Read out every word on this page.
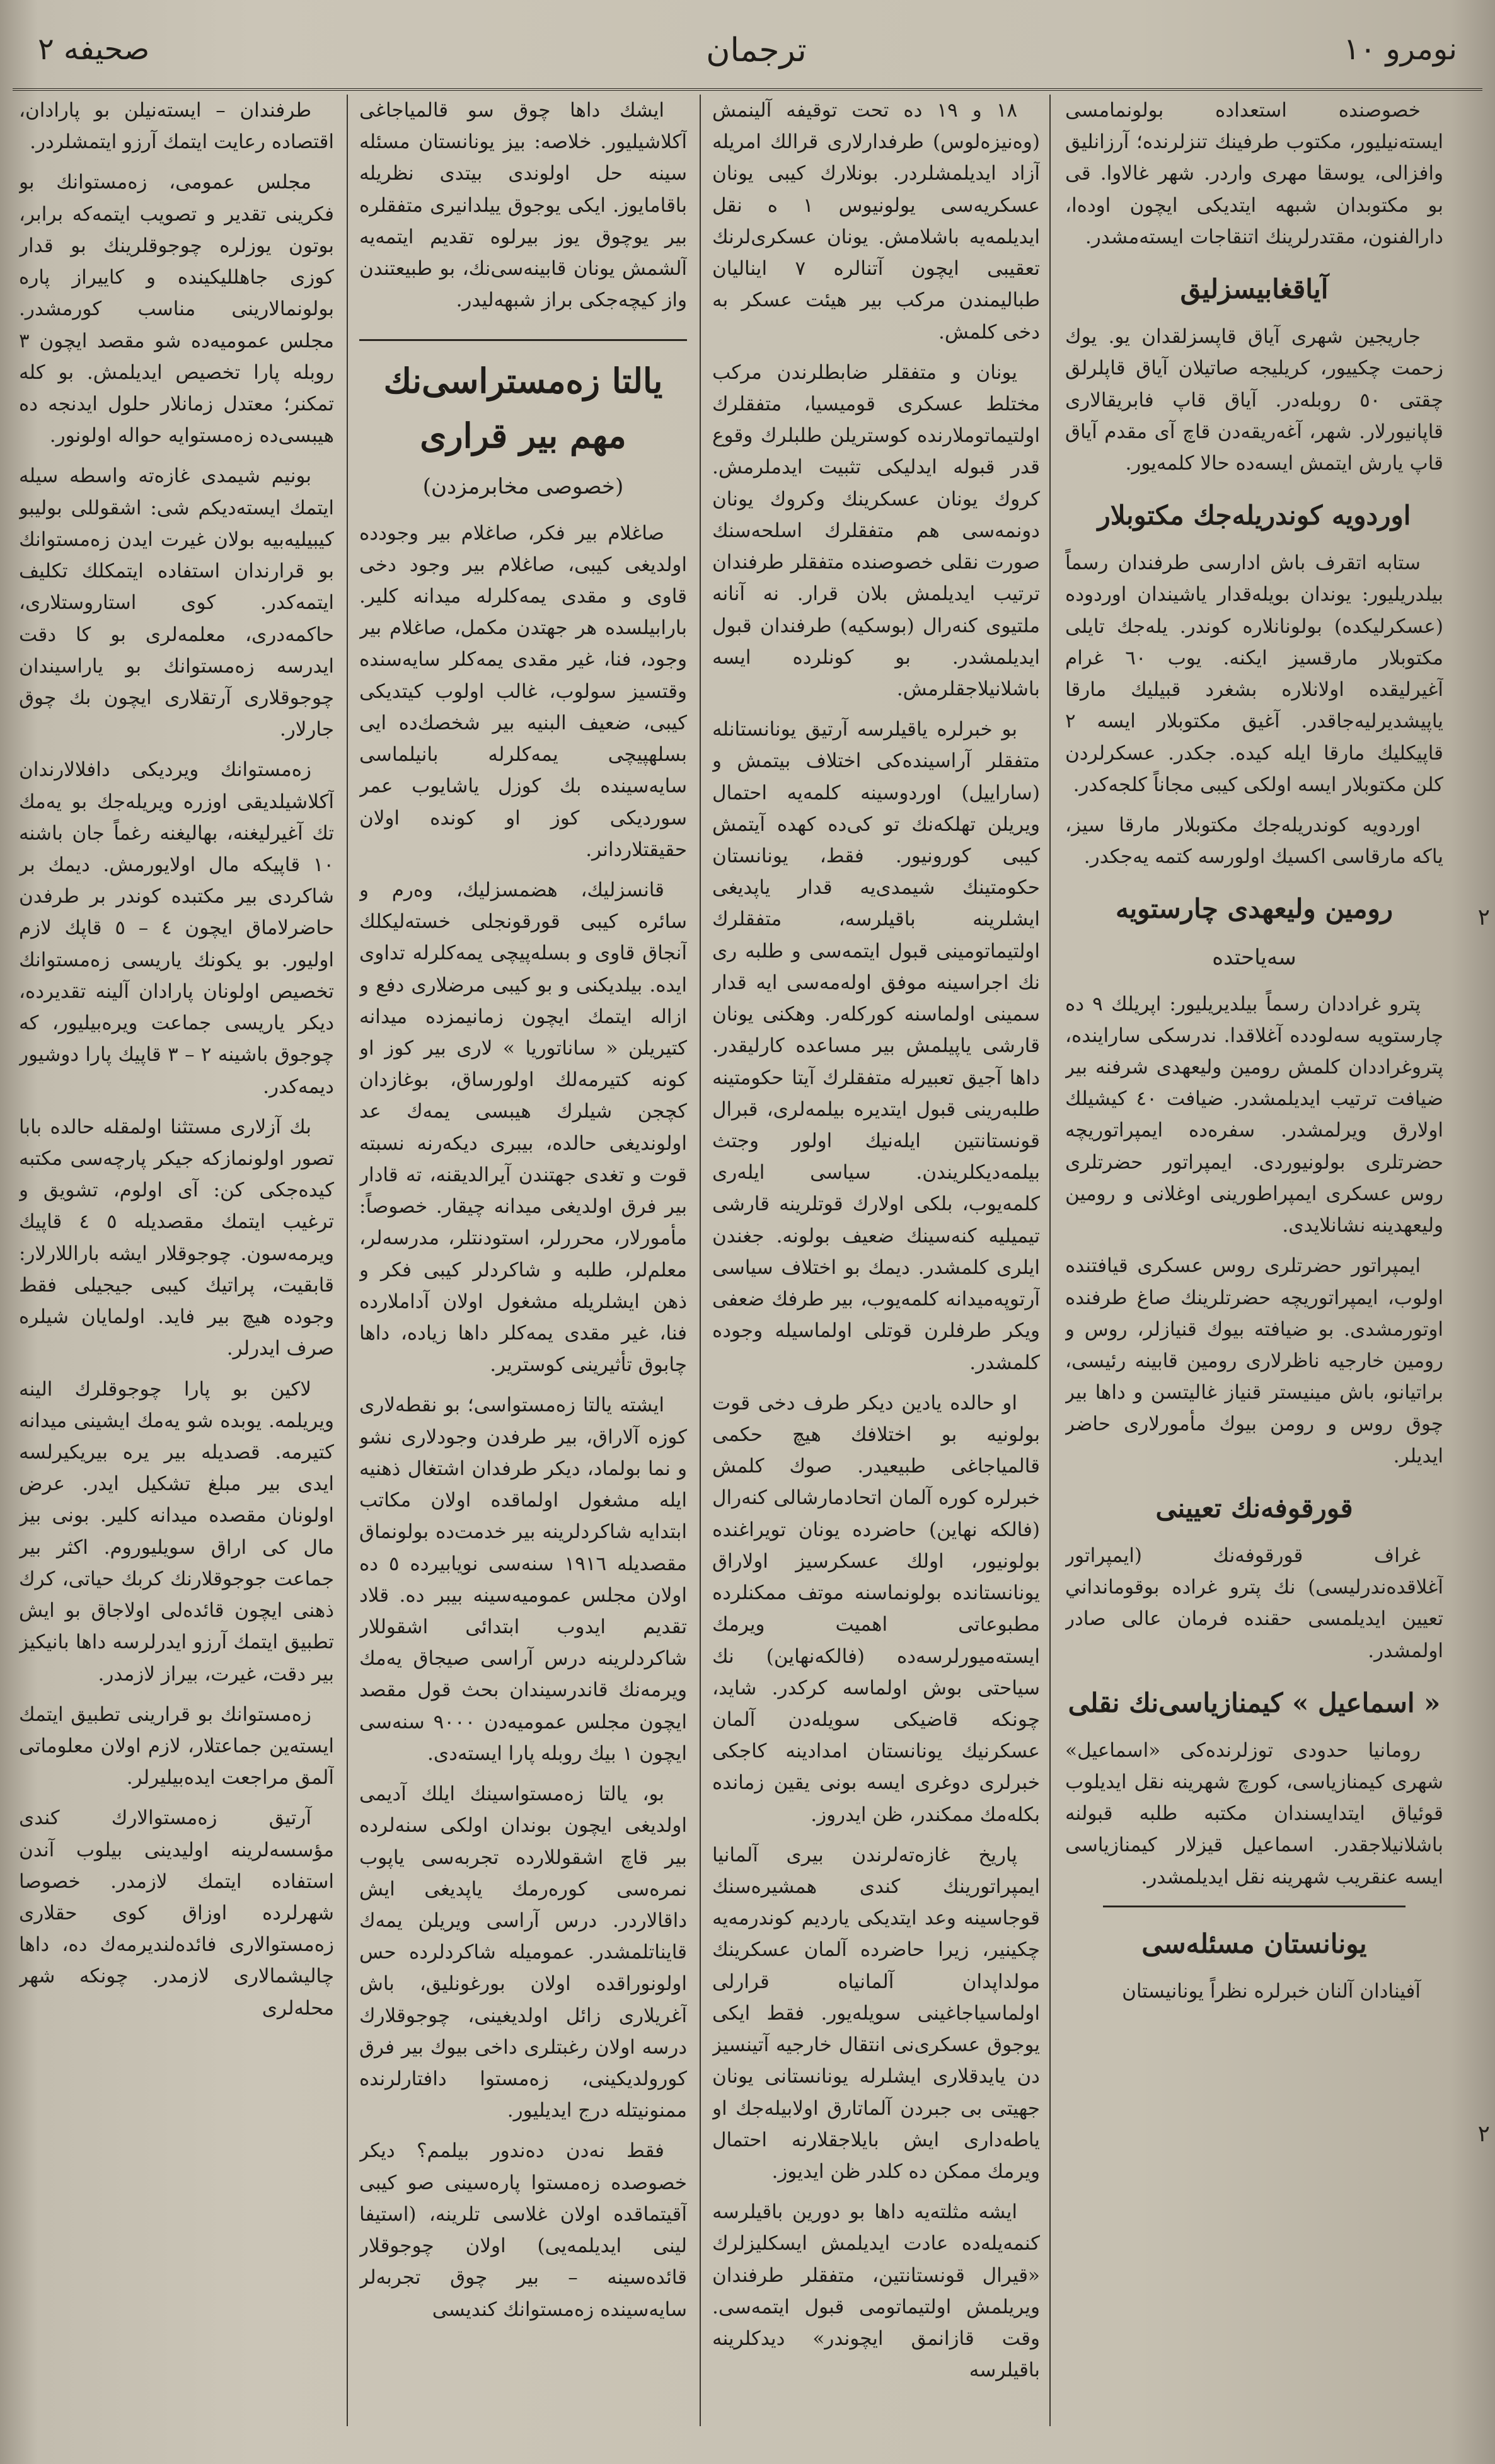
صحيفه ٢	ترجمان	نومرو ١٠

خصوصنده استعداده بولونمامسی ایسته‌نیلیور، مکتوب طرفینك تنزلرنده؛ آرزانلیق وافزالی، یوسقا مهری واردر. شهر غالاوا. قی بو مکتوبدان شبهه ایتدیکی ایچون اوده‌ا، دارالفنون، مقتدرلرینك اتنقاجات ایسته‌مشدر.

آیاقغابیسزلیق

جاریجین شهری آیاق قاپسزلقدان یو. یوك زحمت چکییور، کریلیجه صاتیلان آیاق قاپلرلق چقتی ٥٠ روبله‌در. آیاق قاپ فابریقالاری قاپانیورلار. شهر، آغه‌ریقه‌دن قاچ آی مقدم آیاق قاپ یارش ایتمش ایسه‌ده حالا کلمه‌یور.

اوردویه کوندریله‌جك مكتوبلار

ستابه اتقرف باش ادارسی طرفندان رسماً بیلدریلیور: یوندان بویله‌قدار یاشیندان اوردوده (عسکرلیکده) بولونانلاره کوندر. یله‌جك تایلی مکتوبلار مارقسیز ایکنه. یوب ٦٠ غرام آغیرلیقده اولانلاره بشغرد قبیلیك مارقا یاپیشدیرلیه‌جاقدر. آغیق مکتوبلار ایسه ٢ قاپیکلیك مارقا ایله کیده. جکدر. عسکرلردن کلن مکتوبلار ایسه اولکی کیبی مجاناً کلجه‌کدر.

اوردویه کوندریله‌جك مکتوبلار مارقا سیز، یاکه مارقاسی اکسیك اولورسه کتمه یه‌جکدر.

رومین ولیعهدی چارستویه
سه‌ياحتده

پترو غراددان رسماً بیلدیریلیور: اپریلك ٩ ده چارستویه سه‌لودده آغلاقدا. ندرسکی ساراینده، پتروغراددان کلمش رومین ولیعهدی شرفنه بیر ضیافت ترتیب ایدیلمشدر. ضیافت ٤٠ کیشیلك اولارق ویرلمشدر. سفره‌ده ایمپراتوریچه حضرتلری بولونیوردی. ایمپراتور حضرتلری روس عسکری ایمپراطورینی اوغلانی و رومین ولیعهدینه نشانلایدی.

ایمپراتور حضرتلری روس عسکری قیافتنده اولوب، ایمپراتوریچه حضرتلرینك صاغ طرفنده اوتورمشدی. بو ضیافته بیوك قنیازلر، روس و رومین خارجیه ناظرلاری رومین قابینه رئیسی، براتیانو، باش مینیستر قنیاز غالیتسن و داها بیر چوق روس و رومن بیوك مأمورلاری حاضر ایدیلر.

قورقوفه‌نك تعیینی

غراف قورقوفه‌نك (ایمپراتور آغلاقده‌ندرلیسی) نك پترو غراده بوقومانداني تعيين ايديلمسی حقنده فرمان عالی صادر اولمشدر.

« اسماعیل » کیمنازیاسی‌نك نقلی

رومانیا حدودی توزلرنده‌کی «اسماعیل» شهری کیمنازیاسی، کورچ شهرینه نقل ایدیلوب قوئیاق ایتدایسندان مکتبه طلبه قبولنه باشلانیلاجقدر. اسماعیل قیزلار کیمنازیاسی ایسه عنقریب شهرینه نقل ایدیلمشدر.

يونانستان مسئله‌سی

آفینادان آلنان خبرلره نظراً یونانیستان

١٨ و ١٩ ده تحت توقیفه آلینمش (وه‌نیزه‌لوس) طرفدارلاری قرالك امریله آزاد ایدیلمشلردر. بونلارك کیبی یونان عسکریه‌سی یولونیوس ١ ه نقل ایدیلمه‌یه باشلامش. یونان عسکری‌لرنك تعقیبی ایچون آتنالره ٧ اینالیان طبالیمندن مرکب بیر هیئت عسکر به دخی کلمش.

یونان و متفقلر ضابطلرندن مرکب مختلط عسکری قومیسیا، متفقلرك اولتیماتوملارنده کوستریلن طلبلرك وقوع قدر قبوله ایدلیکی تثبیت ایدملرمش. کروك یونان عسکرینك وکروك یونان دونمه‌سی هم متفقلرك اسلحه‌سنك صورت نقلی خصوصنده متفقلر طرفندان ترتیب ایدیلمش بلان قرار. نه آنانه ملتیوی کنه‌رال (بوسکیه) طرفندان قبول ایدیلمشدر. بو کونلرده ایسه باشلانیلاجقلرمش.

بو خبرلره یاقیلرسه آرتیق یونانستانله متفقلر آراسینده‌کی اختلاف بیتمش و (ساراییل) اوردوسینه کلمه‌یه احتمال ویریلن تهلکه‌نك تو کی‌ده کهده آیتمش کیبی کورونیور. فقط، یونانستان حکومتینك شیمدی‌یه قدار یاپدیغی ایشلرینه باقیلرسه، متفقلرك اولتیماتومینی قبول ایتمه‌سی و طلبه ری نك اجراسینه موفق اوله‌مه‌سی ایه قدار سمینی اولماسنه کورکله‌ر. وهکنی یونان قارشی یاپیلمش بیر مساعده کارلیقدر. داها آجیق تعبیرله متفقلرك آیتا حکومتینه طلبه‌رینی قبول ایتدیره بیلمه‌لری، قبرال قونستانتین ایله‌نیك اولور وجتث بیلمه‌دیکلریندن. سیاسی ایله‌ری کلمه‌یوب، بلکی اولارك قوتلرینه قارشی تیمیلیه کنه‌سینك ضعیف بولونه. جغندن ایلری کلمشدر. دیمك بو اختلاف سیاسی آرتوپه‌میدانه کلمه‌یوب، بیر طرفك ضعفی ویکر طرفلرن قوتلی اولماسیله وجوده کلمشدر.

او حالده یادین دیکر طرف دخی قوت بولونیه بو اختلافك هیچ حکمی قالمیاجاغی طبیعیدر. صوك کلمش خبرلره کوره آلمان اتحادمارشالی کنه‌رال (فالکه نهاین) حاضرده یونان تویراغنده بولونیور، اولك عسکرسیز اولاراق یونانستانده بولونماسنه موتف ممکنلرده مطبوعاتی اهمیت ویرمك ایسته‌میورلرسه‌ده (فالکه‌نهاین) نك سیاحتی بوش اولماسه کرکدر. شاید، چونکه قاضیکی سویله‌دن آلمان عسکرنیك یونانستان امدادینه کاجکی خبرلری دوغری ایسه بونی یقین زمانده بکله‌مك ممکندر، ظن ایدروز.

پاریخ غازه‌ته‌لرندن بیری آلمانیا ایمپراتورینك کندی همشیره‌سنك قوجاسینه وعد ایتدیکی یاردیم کوندرمه‌یه چکینیر، زیرا حاضرده آلمان عسکرینك مولدا‌پدان آلمانیاه قرارلی اولماسیاجاغینی سویله‌یور. فقط ایکی یوجوق عسکری‌نی انتقال خارجیه آتینسیز دن یایدقلاری ایشلرله یونانستانی یونان جهیتی بی جبردن آلماتارق اولابیله‌جك او یاطه‌داری ایش بایلاجقلارنه احتمال ویرمك ممکن ده کلدر ظن ایدیوز.

ایشه مثلته‌یه داها بو دورین باقیلرسه کنمه‌یله‌ده عادت ایدیلمش ایسکلیزلرك «قیرال قونستانتین، متفقلر طرفندان ویریلمش اولتیماتومی قبول ایتمه‌سی. وقت قازانمق ایچوندر» دیدکلرینه باقیلرسه

ایشك داها چوق سو قالمیاجاغی آکلاشیلیور. خلاصه: بیز یونانستان مسئله سینه حل اولوندی بیتدی نظریله باقامایوز. ایکی یوجوق ییلدانیری متفقلره بیر یوچوق یوز بیرلوه تقدیم ایتمه‌یه آلشمش یونان قابینه‌سی‌نك، بو طبیعتندن واز کیچه‌جکی براز شبهه‌لیدر.

یالتا زه‌مستراسی‌نك مهم بیر قراری
(خصوصی مخابرمزدن)

صاغلام بیر فکر، صاغلام بیر وجودده اولدیغی کیبی، صاغلام بیر وجود دخی قاوی و مقدی یمه‌کلرله میدانه کلیر. بارابیلسده هر جهتدن مکمل، صاغلام بیر وجود، فنا، غیر مقدی یمه‌کلر سایه‌سنده وقتسیز سولوب، غالب اولوب کیتدیکی کیبی، ضعیف البنیه بیر شخصك‌ده ایی بسلهپیچی یمه‌کلرله بانیلماسی سایه‌سینده بك کوزل یاشایوب عمر سوردیکی کوز او کونده اولان حقیقتلاردانر.

قانسزلیك، هضمسزلیك، وه‌رم و سائره کیبی قورقونجلی خسته‌لیکلك آنجاق قاوی و بسله‌پیچی یمه‌کلرله تداوی ایده. بیلدیکنی و بو کیبی مرضلاری دفع و ازاله ایتمك ایچون زمانیمزده میدانه کتیریلن « ساناتوریا » لاری بیر کوز او کونه کتیرمه‌لك اولورساق، بوغازدان کچجن شیلرك هیبسی یمه‌ك عد اولوندیغی حالده، بیبری دیکه‌رنه نسبته قوت و تغدی جهتندن آیرالدیقنه، ته قادار بیر فرق اولدیغی میدانه چیقار. خصوصاً: مأمورلار، محررلر، استودنتلر، مدرسه‌لر، معلم‌لر، طلبه و شاکردلر کیبی فکر و ذهن ایشلریله مشغول اولان آداملارده فنا، غیر مقدی یمه‌کلر داها زیاده، داها چابوق تأثیرینی کوستریر.

ایشته یالتا زه‌مستواسی؛ بو نقطه‌لاری کوزه آلاراق، بیر طرفدن وجودلاری نشو و نما بولماد، دیکر طرفدان اشتغال ذهنیه ایله مشغول اولماقده اولان مکاتب ابتدایه شاکردلرینه بیر خدمت‌ده بولونماق مقصدیله ١٩١٦ سنه‌سی نویابیرده ٥ ده اولان مجلس عمومیه‌سینه بیبر ده. قلاد تقدیم ایدوب ابتدائی اشقوللار شاکردلرینه درس آراسی صیجاق یه‌مك ویرمه‌نك قاندرسیندان بحث قول مقصد ایچون مجلس عمومیه‌دن ٩٠٠٠ سنه‌سی ایچون ١ بیك روبله پارا ایسته‌دی.

بو، یالتا زه‌مستواسینك ایلك آدیمی اولدیغی ایچون بوندان اولکی سنه‌لرده بیر قاچ اشقوللارده تجربه‌سی یاپوب نمره‌سی کوره‌رمك یاپدیغی ایش داقالاردر. درس آراسی ویریلن یمه‌ك قایناتلمشدر. عمومیله شاکردلرده حس اولونوراقده اولان بورغونلیق، باش آغریلاری زائل اولدیغینی، چوجوقلارك درسه اولان رغبتلری داخی بیوك بیر فرق کورولدیکینی، زه‌مستوا دافتارلرنده ممنونیتله درج ایدیلیور.

فقط نه‌دن ده‌ندور بیلمم؟ دیکر خصوصده زه‌مستوا پاره‌سینی صو کیبی آقیتماقده اولان غلاسی تلرینه، (استیفا لینی ایدیلمه‌یی) اولان چوجوقلار قائده‌سینه – بیر چوق تجربه‌لر سایه‌سینده زه‌مستوانك کندیسی

طرفندان – ایسته‌نیلن بو پارادان، اقتصاده رعایت ایتمك آرزو ایتمشلردر.

مجلس عمومی، زه‌مستوانك بو فکرینی تقدیر و تصویب ایتمه‌که برابر، بوتون یوزلره چوجوقلرینك بو قدار کوزی جاهللیکینده و کاییراز پاره بولونمالارینی مناسب کورمشدر. مجلس عمومیه‌ده شو مقصد ایچون ٣ روبله پارا تخصیص ایدیلمش. بو کله تمکنر؛ معتدل زمانلار حلول ایدنجه ده هیبسی‌ده زه‌مستوایه حواله اولونور.

بو‌نیم شیمدی غازه‌ته واسطه سیله ایتمك ایسته‌دیکم شی: اشقوللی بولیبو کیبیلیه‌بیه بولان غیرت ایدن زه‌مستوانك بو قرارندان استفاده ایتمکلك تکلیف ایتمه‌کدر. کوی استاروستلاری، حاکمه‌دری، معلمه‌لری بو کا دقت ایدرسه زه‌مستوانك بو یاراسیندان چوجوقلاری آرتقلاری ایچون بك چوق جارلار.

زه‌مستوانك ویردیکی دافلالارندان آکلاشیلدیقی اوزره ویریله‌جك بو یه‌مك تك آغیرلیغنه، بهالیغنه رغماً جان باشنه ١٠ قاپیکه مال اولایورمش. دیمك بر شاکردی بیر مکتبده کوندر بر طرفدن حاضرلاماق ایچون ٤ – ٥ قاپك لازم اولیور. بو یکونك یاریسی زه‌مستوانك تخصیص اولونان پارادان آلینه تقدیرده، دیکر یاریسی جماعت ویره‌بیلیور، که چوجوق باشینه ٢ – ٣ قاپیك پارا دوشیور دیمه‌کدر.

بك آزلاری مستثنا اولمقله حالده بابا تصور اولونمازکه جیکر پارچه‌سی مکتبه کیده‌جکی کن: آی اولوم، تشویق و ترغیب ایتمك مقصدیله ٥ ٤ قاپیك ویرمه‌سون. چوجوقلار ایشه باراللارلار: قابقیت، پراتیك کیبی جیجیلی فقط وجوده هیچ بیر فاید. اولمایان شیلره صرف ایدرلر.

لاکین بو پارا چوجوقلرك الینه ویریلمه. یوبده شو یه‌مك ایشینی میدانه کتیرمه. قصدیله بیر یره بیریکیرلسه ایدی بیر مبلغ تشکیل ایدر. عرض اولونان مقصده میدانه کلیر. بونی بیز مال کی اراق سویلیوروم. اکثر بیر جماعت جوجوقلارنك کربك حیاتی، کرك ذهنی ایچون قائده‌لی اولاجاق بو ایش تطبیق ایتمك آرزو ایدرلرسه داها بانیکیز بیر دقت، غیرت، بیراز لازمدر.

زه‌مستوانك بو قرارینی تطبیق ایتمك ایسته‌ین جماعتلار، لازم اولان معلوماتی آلمق مراجعت ایده‌بیلیرلر.

آرتیق زه‌مستوالارك کندی مؤسسه‌لرینه اولیدینی بیلوب آندن استفاده ایتمك لازمدر. خصوصا شهرلرده اوزاق کوی حقلاری زه‌مستوالاری فائده‌لندیرمه‌ك ده، داها چالیشمالاری لازمدر. چونکه شهر محله‌لری

٢
٢
